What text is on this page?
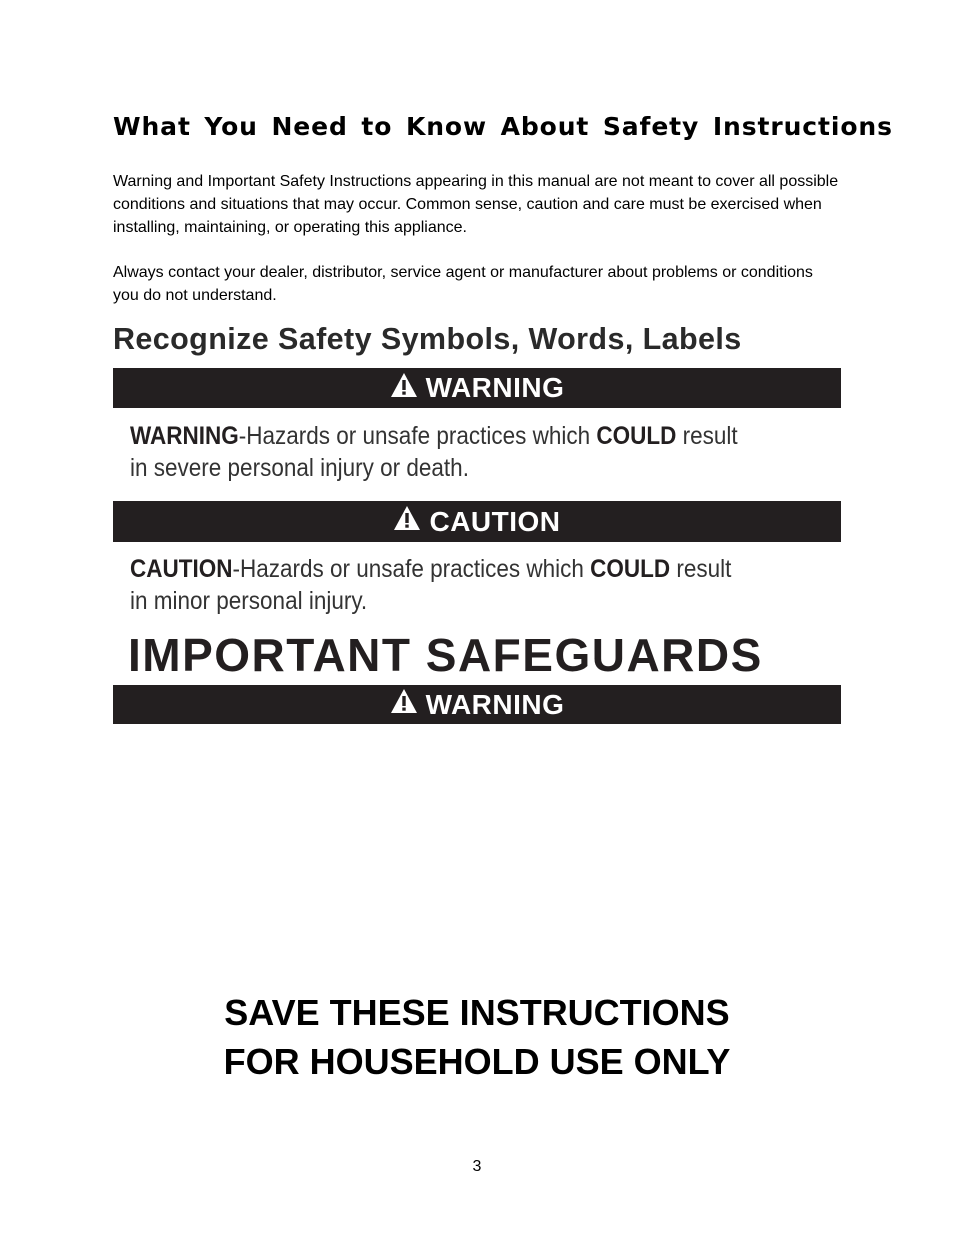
What You Need to Know About Safety Instructions

Warning and Important Safety Instructions appearing in this manual are not meant to cover all possible conditions and situations that may occur. Common sense, caution and care must be exercised when installing, maintaining, or operating this appliance.

Always contact your dealer, distributor, service agent or manufacturer about problems or conditions you do not understand.

Recognize Safety Symbols, Words, Labels
WARNING

WARNING-Hazards or unsafe practices which COULD result
in severe personal injury or death.

CAUTION

CAUTION-Hazards or unsafe practices which COULD result
in minor personal injury.

IMPORTANT SAFEGUARDS
WARNING
SAVE THESE INSTRUCTIONS
FOR HOUSEHOLD USE ONLY

3
